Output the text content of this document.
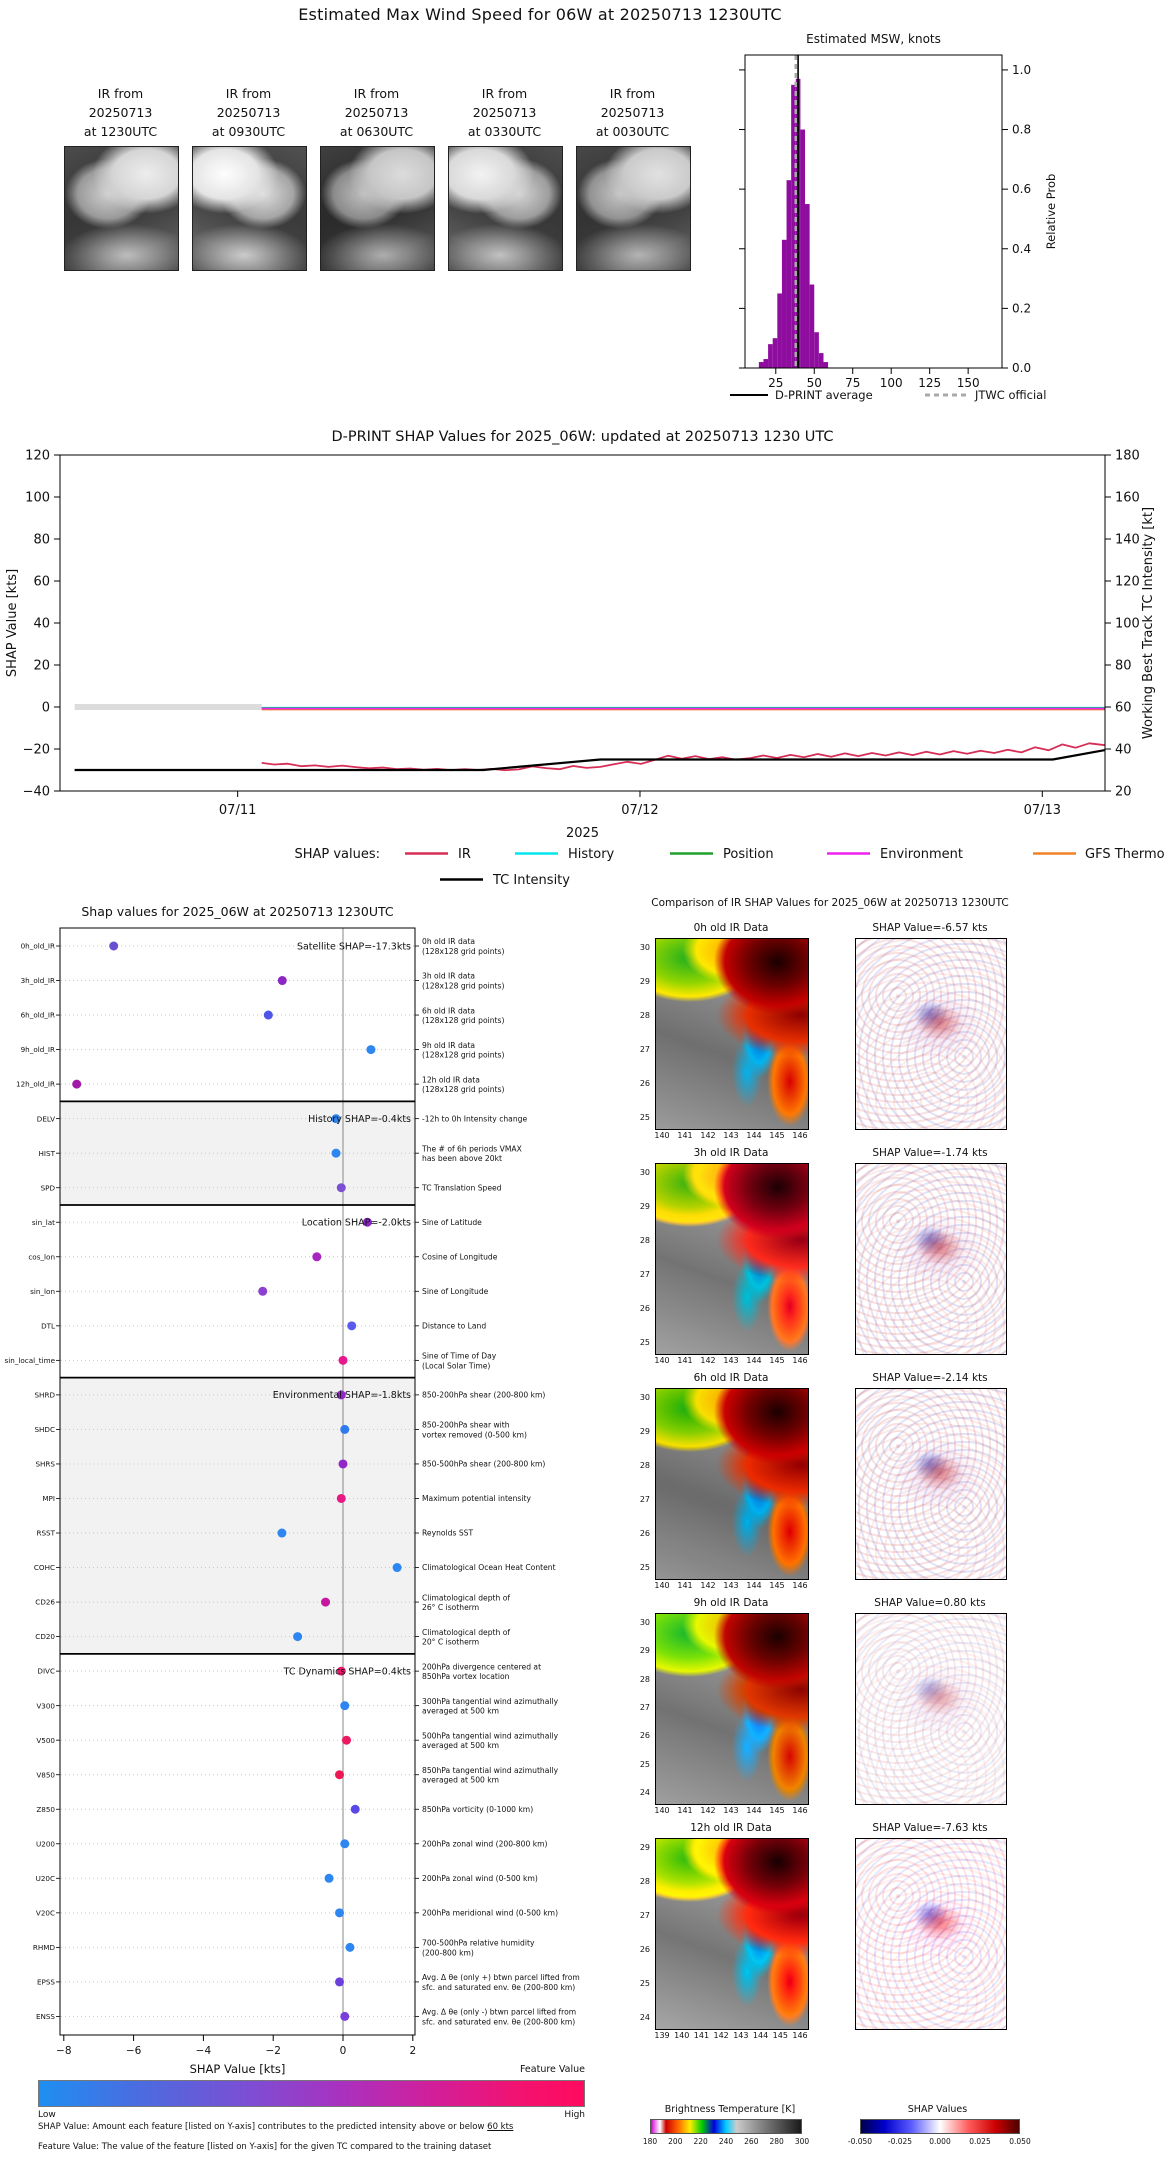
Estimated Max Wind Speed for 06W at 20250713 1230UTC
IR from
20250713
at 1230UTC
IR from
20250713
at 0930UTC
IR from
20250713
at 0630UTC
IR from
20250713
at 0330UTC
IR from
20250713
at 0030UTC
0.0
0.2
0.4
0.6
0.8
1.0
25 50 75 100 125 150
Estimated MSW, knots
Relative Prob
D-PRINT average	JTWC official
120
100
80
60
40
20
0
−20
−40
180
160
140
120
100
80
60
40
20
07/11	07/12	07/13
2025
D-PRINT SHAP Values for 2025_06W: updated at 20250713 1230 UTC
SHAP Value [kts]	Working Best Track TC Intensity [kt]
SHAP values:	IR	History	Position	Environment	GFS Thermo
TC Intensity
0h_old_IR	0h old IR data
(128x128 grid points)
3h_old_IR	3h old IR data
(128x128 grid points)
6h_old_IR	6h old IR data
(128x128 grid points)
9h_old_IR	9h old IR data
(128x128 grid points)
12h_old_IR	12h old IR data
(128x128 grid points)
DELV	-12h to 0h Intensity change
HIST	The # of 6h periods VMAX
has been above 20kt
SPD	TC Translation Speed
sin_lat	Sine of Latitude
cos_lon	Cosine of Longitude
sin_lon	Sine of Longitude
DTL	Distance to Land
sin_local_time	Sine of Time of Day
(Local Solar Time)
SHRD	850-200hPa shear (200-800 km)
SHDC	850-200hPa shear with
vortex removed (0-500 km)
SHRS	850-500hPa shear (200-800 km)
MPI	Maximum potential intensity
RSST	Reynolds SST
COHC	Climatological Ocean Heat Content
CD26	Climatological depth of
26° C isotherm
CD20	Climatological depth of
20° C isotherm
DIVC	200hPa divergence centered at
850hPa vortex location
V300	300hPa tangential wind azimuthally
averaged at 500 km
V500	500hPa tangential wind azimuthally
averaged at 500 km
V850	850hPa tangential wind azimuthally
averaged at 500 km
Z850	850hPa vorticity (0-1000 km)
U200	200hPa zonal wind (200-800 km)
U20C	200hPa zonal wind (0-500 km)
V20C	200hPa meridional wind (0-500 km)
RHMD	700-500hPa relative humidity
(200-800 km)
EPSS	Avg. Δ θe (only +) btwn parcel lifted from
sfc. and saturated env. θe (200-800 km)
ENSS	Avg. Δ θe (only -) btwn parcel lifted from
sfc. and saturated env. θe (200-800 km)
Satellite SHAP=-17.3kts
History SHAP=-0.4kts
Location SHAP=-2.0kts
Environmental SHAP=-1.8kts
TC Dynamics SHAP=0.4kts
−8	−6	−4	−2	0	2
SHAP Value [kts]
Shap values for 2025_06W at 20250713 1230UTC
Comparison of IR SHAP Values for 2025_06W at 20250713 1230UTC
0h old IR Data
30
29
28
27
26
25
140 141 142 143 144 145 146
SHAP Value=-6.57 kts
3h old IR Data
30
29
28
27
26
25
140 141 142 143 144 145 146
SHAP Value=-1.74 kts
6h old IR Data
30
29
28
27
26
25
140 141 142 143 144 145 146
SHAP Value=-2.14 kts
9h old IR Data
30
29
28
27
26
25
24
140 141 142 143 144 145 146
SHAP Value=0.80 kts
12h old IR Data
29
28
27
26
25
24
139 140 141 142 143 144 145 146
SHAP Value=-7.63 kts
Feature Value
Low	High
SHAP Value: Amount each feature [listed on Y-axis] contributes to the predicted intensity above or below 60 kts
Feature Value: The value of the feature [listed on Y-axis] for the given TC compared to the training dataset
Brightness Temperature [K]
180	200	220	240	260	280	300
SHAP Values
-0.050	-0.025	0.000	0.025	0.050
